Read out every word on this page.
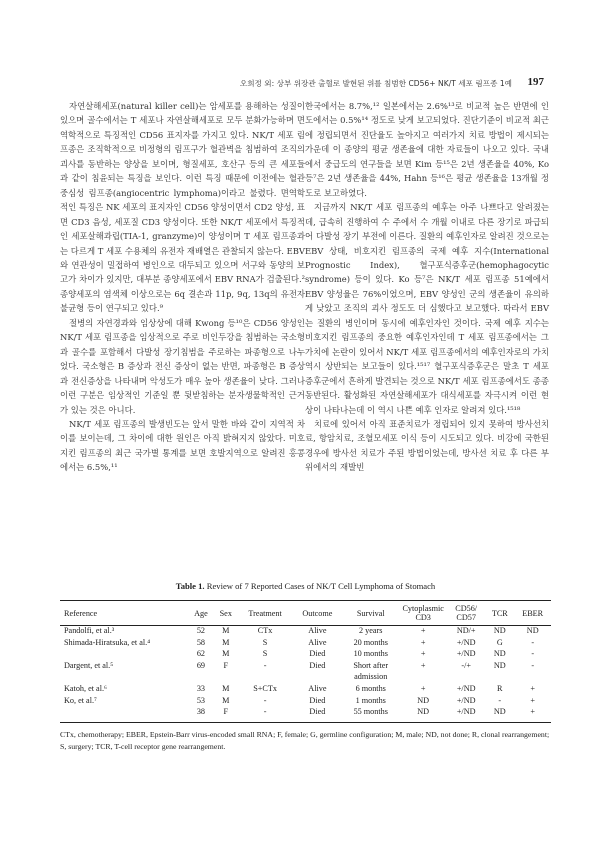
오희정 외: 상부 위장관 출혈로 발현된 위를 침범한 CD56+ NK/T 세포 림프종 1예 197

자연살해세포(natural killer cell)는 암세포를 용해하는 성질이 있으며 골수에서는 T 세포나 자연살해세포로 모두 분화가능하며 면역학적으로 특징적인 CD56 표지자를 가지고 있다. NK/T 세포 림프종은 조직학적으로 비정형의 림프구가 혈관벽을 침범하여 조직의 괴사를 동반하는 양상을 보이며, 형질세포, 호산구 등의 큰 세포들과 같이 침윤되는 특징을 보인다. 이런 특징 때문에 이전에는 혈관중심성 림프종(angiocentric lymphoma)이라고 불렸다. 면역학적인 특징은 NK 세포의 표지자인 CD56 양성이면서 CD2 양성, 표면 CD3 음성, 세포질 CD3 양성이다. 또한 NK/T 세포에서 특징적인 세포살해과립(TIA-1, granzyme)이 양성이며 T 세포 림프종과는 다르게 T 세포 수용체의 유전자 재배열은 관찰되지 않는다. EBV와 연관성이 밀접하여 병인으로 대두되고 있으며 서구와 동양의 보고가 차이가 있지만, 대부분 종양세포에서 EBV RNA가 검출된다.² 종양세포의 염색체 이상으로는 6q 결손과 11p, 9q, 13q의 유전자 불균형 등이 연구되고 있다.⁹

절병의 자연경과와 임상상에 대해 Kwong 등¹⁰은 CD56 양성인 NK/T 세포 림프종을 임상적으로 주로 비인두강을 침범하는 국소형과 골수를 포함해서 다발성 장기침범을 주로하는 파종형으로 나누었다. 국소형은 B 증상과 전신 증상이 없는 반면, 파종형은 B 증상과 전신증상을 나타내며 악성도가 매우 높아 생존율이 낮다. 그러나 이런 구분은 임상적인 기준일 뿐 뒷받침하는 분자생물학적인 근거가 있는 것은 아니다.

NK/T 세포 림프종의 발생빈도는 앞서 말한 바와 같이 지역적 차이를 보이는데, 그 차이에 대한 원인은 아직 밝혀지지 않았다. 미호지킨 림프종의 최근 국가별 통계를 보면 호발지역으로 알려진 홍콩에서는 6.5%,¹¹

한국에서는 8.7%,¹² 일본에서는 2.6%¹³로 비교적 높은 반면에 인도에서는 0.5%¹⁴ 정도로 낮게 보고되었다. 진단기준이 비교적 최근에 정립되면서 진단율도 높아지고 여러가지 치료 방법이 제시되는 가운데 이 종양의 평균 생존율에 대한 자료들이 나오고 있다. 국내에서 중급도의 연구들을 보면 Kim 등¹⁵은 2년 생존율을 40%, Ko 등⁷은 2년 생존율을 44%, Hahn 등¹⁶은 평균 생존율을 13개월 정도로 보고하였다.

지금까지 NK/T 세포 림프종의 예후는 아주 나쁘다고 알려졌는데, 급속히 진행하여 수 주에서 수 개월 이내로 다른 장기로 파급되어 다발성 장기 부전에 이른다. 질환의 예후인자로 알려진 것으로는 EBV 상태, 비호지킨 림프종의 국제 예후 지수(International Prognostic Index), 혈구포식증후군(hemophagocytic syndrome) 등이 있다. Ko 등⁷은 NK/T 세포 림프종 51예에서 EBV 양성율은 76%이었으며, EBV 양성인 군의 생존율이 유의하게 낮았고 조직의 괴사 정도도 더 심했다고 보고했다. 따라서 EBV는 질환의 병인이며 동시에 예후인자인 것이다. 국제 예후 지수는 비호지킨 림프종의 중요한 예후인자인데 T 세포 림프종에서는 그 가치에 논란이 있어서 NK/T 세포 림프종에서의 예후인자로의 가치 역시 상반되는 보고들이 있다.¹⁵¹⁷ 혈구포식증후군은 말초 T 세포 증후군에서 흔하게 발견되는 것으로 NK/T 세포 림프종에서도 종종 동반된다. 활성화된 자연살해세포가 대식세포를 자극시켜 이런 현상이 나타나는데 이 역시 나쁜 예후 인자로 알려져 있다.¹⁵¹⁸

치료에 있어서 아직 표준치료가 정립되어 있지 못하여 방사선치료, 항암치료, 조혈모세포 이식 등이 시도되고 있다. 비강에 국한된 경우에 방사선 치료가 주된 방법이었는데, 방사선 치료 후 다른 부위에서의 재발빈

Table 1. Review of 7 Reported Cases of NK/T Cell Lymphoma of Stomach
Reference	Age	Sex	Treatment	Outcome	Survival	Cytoplasmic CD3	CD56/ CD57	TCR	EBER
Pandolfi, et al.³	52	M	CTx	Alive	2 years	+	ND/+	ND	ND
Shimada-Hiratsuka, et al.⁴	58	M	S	Alive	20 months	+	+/ND	G	-
	62	M	S	Died	10 months	+	+/ND	ND	-
Dargent, et al.⁵	69	F	-	Died	Short after	+	-/+	ND	-
					admission				
Katoh, et al.⁶	33	M	S+CTx	Alive	6 months	+	+/ND	R	+
Ko, et al.⁷	53	M	-	Died	1 months	ND	+/ND	-	+
	38	F	-	Died	55 months	ND	+/ND	ND	+
CTx, chemotherapy; EBER, Epstein-Barr virus-encoded small RNA; F, female; G, germline configuration; M, male; ND, not done; R, clonal rearrangement; S, surgery; TCR, T-cell receptor gene rearrangement.
